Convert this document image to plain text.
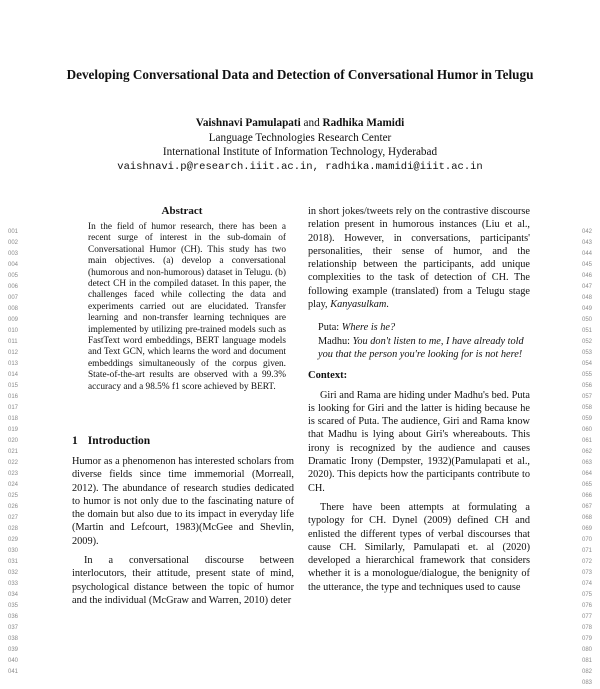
Developing Conversational Data and Detection of Conversational Humor in Telugu
Vaishnavi Pamulapati and Radhika Mamidi
Language Technologies Research Center
International Institute of Information Technology, Hyderabad
vaishnavi.p@research.iiit.ac.in, radhika.mamidi@iiit.ac.in
001
002
003
004
005
006
007
008
009
010
011
012
013
014
015
016
017
018
019
020
021
022
023
024
025
026
027
028
029
030
031
032
033
034
035
036
037
038
039
040
041
042
043
044
045
046
047
048
049
050
051
052
053
054
055
056
057
058
059
060
061
062
063
064
065
066
067
068
069
070
071
072
073
074
075
076
077
078
079
080
081
082
083
Abstract
In the field of humor research, there has been a recent surge of interest in the sub-domain of Conversational Humor (CH). This study has two main objectives. (a) develop a conversational (humorous and non-humorous) dataset in Telugu. (b) detect CH in the compiled dataset. In this paper, the challenges faced while collecting the data and experiments carried out are elucidated. Transfer learning and non-transfer learning techniques are implemented by utilizing pre-trained models such as FastText word embeddings, BERT language models and Text GCN, which learns the word and document embeddings simultaneously of the corpus given. State-of-the-art results are observed with a 99.3% accuracy and a 98.5% f1 score achieved by BERT.
1 Introduction

Humor as a phenomenon has interested scholars from diverse fields since time immemorial (Morreall, 2012). The abundance of research studies dedicated to humor is not only due to the fascinating nature of the domain but also due to its impact in everyday life (Martin and Lefcourt, 1983)(McGee and Shevlin, 2009).

In a conversational discourse between interlocutors, their attitude, present state of mind, psychological distance between the topic of humor and the individual (McGraw and Warren, 2010) deter

in short jokes/tweets rely on the contrastive discourse relation present in humorous instances (Liu et al., 2018). However, in conversations, participants' personalities, their sense of humor, and the relationship between the participants, add unique complexities to the task of detection of CH. The following example (translated) from a Telugu stage play, Kanyasulkam.

Puta: Where is he?
Madhu: You don't listen to me, I have already told you that the person you're looking for is not here!

Context:

Giri and Rama are hiding under Madhu's bed. Puta is looking for Giri and the latter is hiding because he is scared of Puta. The audience, Giri and Rama know that Madhu is lying about Giri's whereabouts. This irony is recognized by the audience and causes Dramatic Irony (Dempster, 1932)(Pamulapati et al., 2020). This depicts how the participants contribute to CH.

There have been attempts at formulating a typology for CH. Dynel (2009) defined CH and enlisted the different types of verbal discourses that cause CH. Similarly, Pamulapati et. al (2020) developed a hierarchical framework that considers whether it is a monologue/dialogue, the benignity of the utterance, the type and techniques used to cause
